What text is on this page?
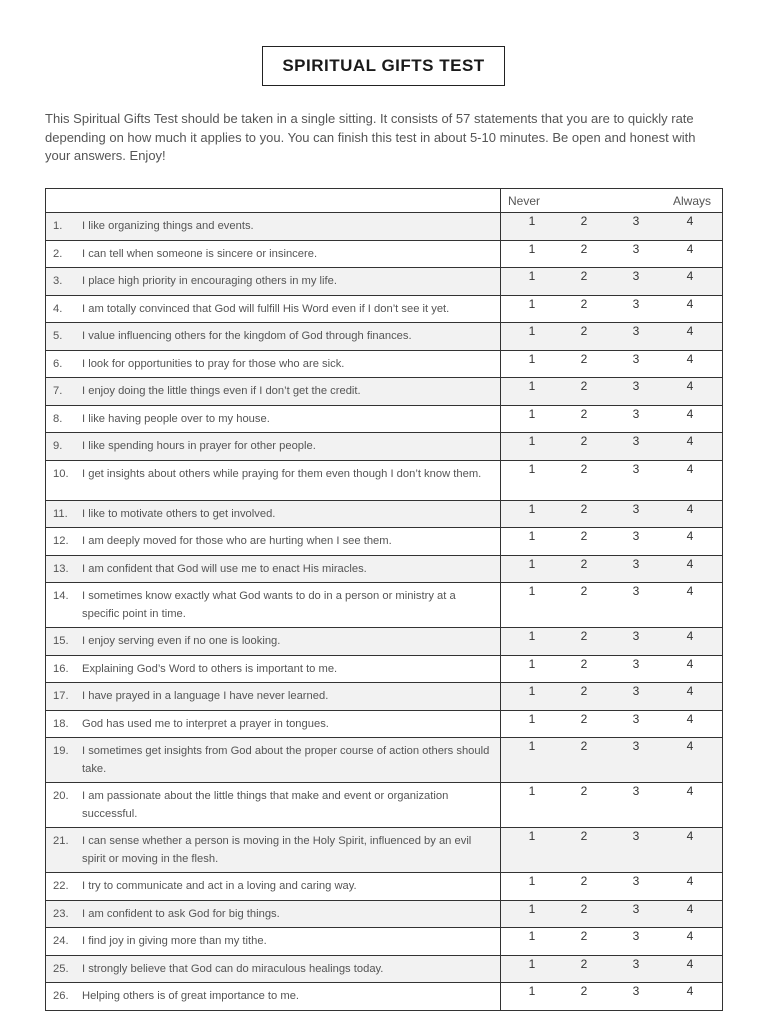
SPIRITUAL GIFTS TEST

This Spiritual Gifts Test should be taken in a single sitting. It consists of 57 statements that you are to quickly rate depending on how much it applies to you. You can finish this test in about 5-10 minutes. Be open and honest with your answers. Enjoy!

	Never Always

1. I like organizing things and events.	1 2 3 4

2. I can tell when someone is sincere or insincere.	1 2 3 4

3. I place high priority in encouraging others in my life.	1 2 3 4

4. I am totally convinced that God will fulfill His Word even if I don’t see it yet.	1 2 3 4

5. I value influencing others for the kingdom of God through finances.	1 2 3 4

6. I look for opportunities to pray for those who are sick.	1 2 3 4

7. I enjoy doing the little things even if I don’t get the credit.	1 2 3 4

8. I like having people over to my house.	1 2 3 4

9. I like spending hours in prayer for other people.	1 2 3 4

10. I get insights about others while praying for them even though I don’t know them.	1 2 3 4

11. I like to motivate others to get involved.	1 2 3 4

12. I am deeply moved for those who are hurting when I see them.	1 2 3 4

13. I am confident that God will use me to enact His miracles.	1 2 3 4

14. I sometimes know exactly what God wants to do in a person or ministry at a specific point in time.	1 2 3 4

15. I enjoy serving even if no one is looking.	1 2 3 4

16. Explaining God’s Word to others is important to me.	1 2 3 4

17. I have prayed in a language I have never learned.	1 2 3 4

18. God has used me to interpret a prayer in tongues.	1 2 3 4

19. I sometimes get insights from God about the proper course of action others should take.	1 2 3 4

20. I am passionate about the little things that make and event or organization successful.	1 2 3 4

21. I can sense whether a person is moving in the Holy Spirit, influenced by an evil spirit or moving in the flesh.	1 2 3 4

22. I try to communicate and act in a loving and caring way.	1 2 3 4

23. I am confident to ask God for big things.	1 2 3 4

24. I find joy in giving more than my tithe.	1 2 3 4

25. I strongly believe that God can do miraculous healings today.	1 2 3 4

26. Helping others is of great importance to me.	1 2 3 4
